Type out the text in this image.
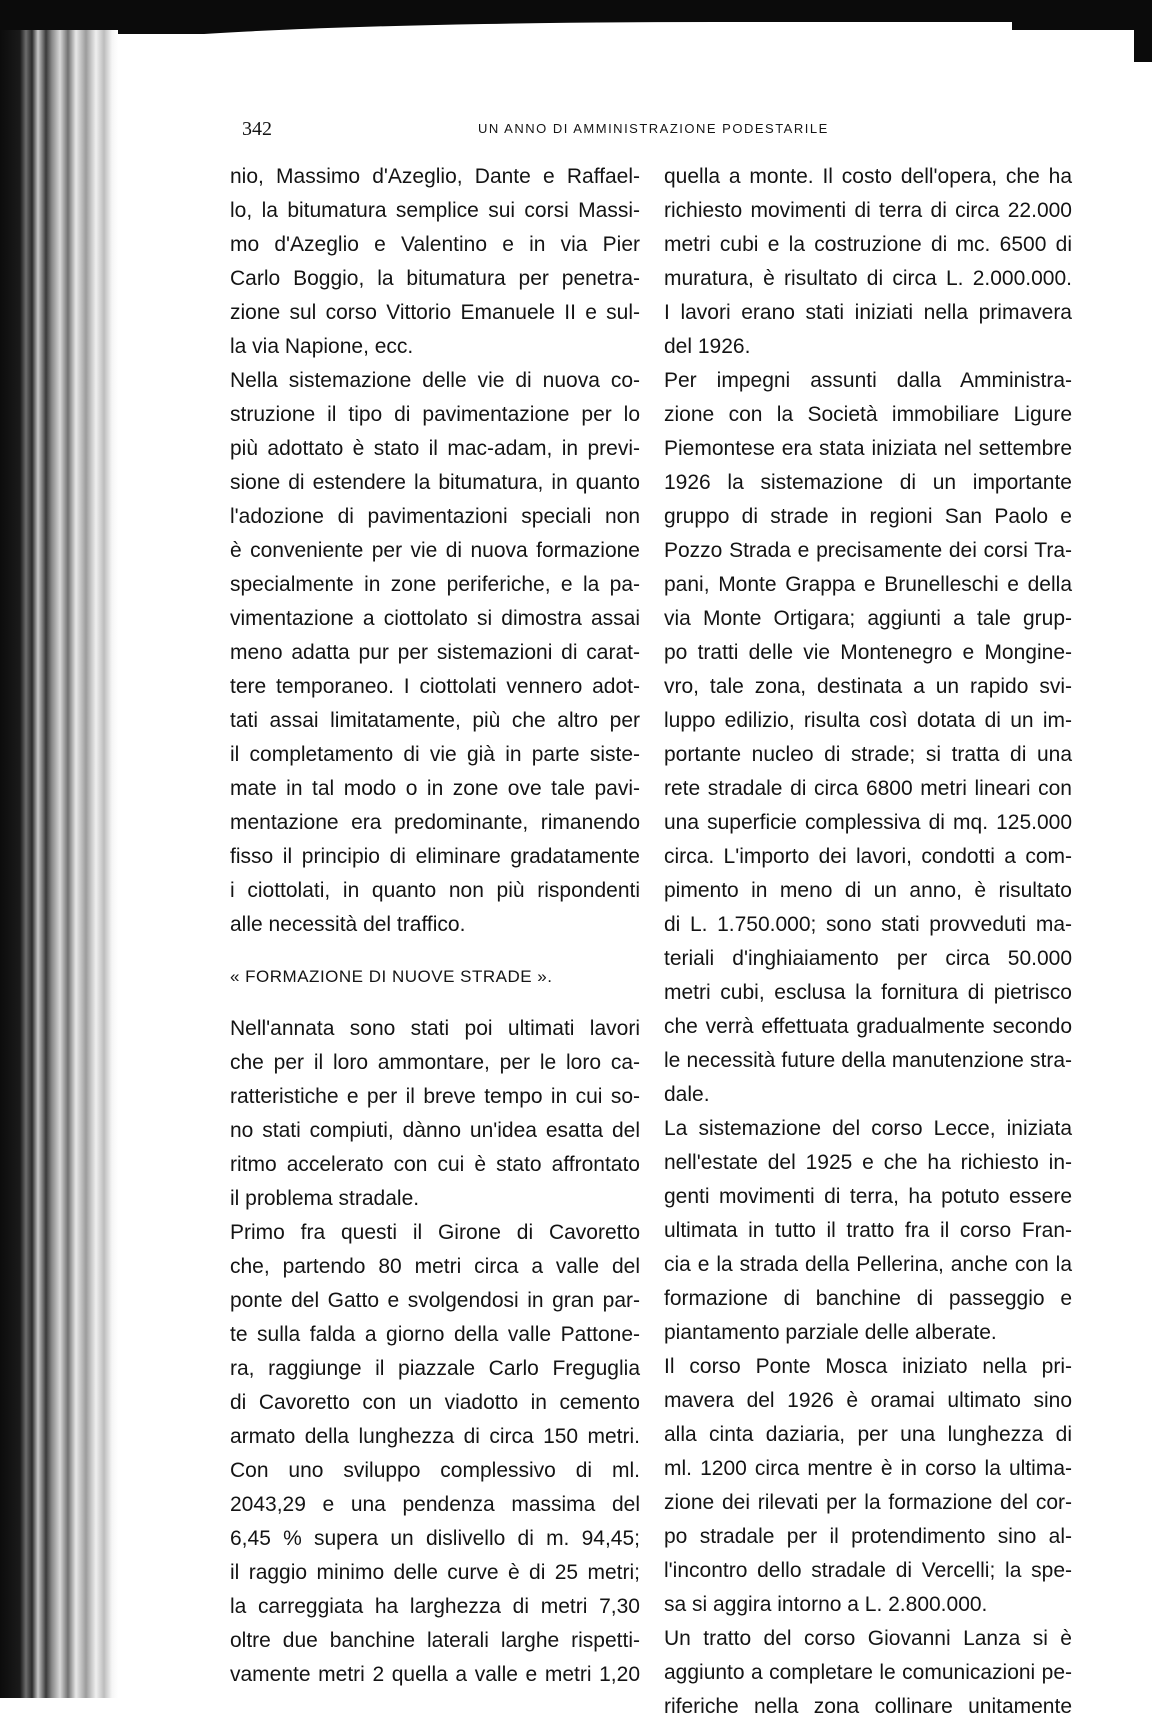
342	UN ANNO DI AMMINISTRAZIONE PODESTARILE
nio, Massimo d'Azeglio, Dante e Raffael-
lo, la bitumatura semplice sui corsi Massi-
mo d'Azeglio e Valentino e in via Pier
Carlo Boggio, la bitumatura per penetra-
zione sul corso Vittorio Emanuele II e sul-
la via Napione, ecc.
Nella sistemazione delle vie di nuova co-
struzione il tipo di pavimentazione per lo
più adottato è stato il mac-adam, in previ-
sione di estendere la bitumatura, in quanto
l'adozione di pavimentazioni speciali non
è conveniente per vie di nuova formazione
specialmente in zone periferiche, e la pa-
vimentazione a ciottolato si dimostra assai
meno adatta pur per sistemazioni di carat-
tere temporaneo. I ciottolati vennero adot-
tati assai limitatamente, più che altro per
il completamento di vie già in parte siste-
mate in tal modo o in zone ove tale pavi-
mentazione era predominante, rimanendo
fisso il principio di eliminare gradatamente
i ciottolati, in quanto non più rispondenti
alle necessità del traffico.
« FORMAZIONE DI NUOVE STRADE ».
Nell'annata sono stati poi ultimati lavori
che per il loro ammontare, per le loro ca-
ratteristiche e per il breve tempo in cui so-
no stati compiuti, dànno un'idea esatta del
ritmo accelerato con cui è stato affrontato
il problema stradale.
Primo fra questi il Girone di Cavoretto
che, partendo 80 metri circa a valle del
ponte del Gatto e svolgendosi in gran par-
te sulla falda a giorno della valle Pattone-
ra, raggiunge il piazzale Carlo Freguglia
di Cavoretto con un viadotto in cemento
armato della lunghezza di circa 150 metri.
Con uno sviluppo complessivo di ml.
2043,29 e una pendenza massima del
6,45 % supera un dislivello di m. 94,45;
il raggio minimo delle curve è di 25 metri;
la carreggiata ha larghezza di metri 7,30
oltre due banchine laterali larghe rispetti-
vamente metri 2 quella a valle e metri 1,20
quella a monte. Il costo dell'opera, che ha
richiesto movimenti di terra di circa 22.000
metri cubi e la costruzione di mc. 6500 di
muratura, è risultato di circa L. 2.000.000.
I lavori erano stati iniziati nella primavera
del 1926.
Per impegni assunti dalla Amministra-
zione con la Società immobiliare Ligure
Piemontese era stata iniziata nel settembre
1926 la sistemazione di un importante
gruppo di strade in regioni San Paolo e
Pozzo Strada e precisamente dei corsi Tra-
pani, Monte Grappa e Brunelleschi e della
via Monte Ortigara; aggiunti a tale grup-
po tratti delle vie Montenegro e Mongine-
vro, tale zona, destinata a un rapido svi-
luppo edilizio, risulta così dotata di un im-
portante nucleo di strade; si tratta di una
rete stradale di circa 6800 metri lineari con
una superficie complessiva di mq. 125.000
circa. L'importo dei lavori, condotti a com-
pimento in meno di un anno, è risultato
di L. 1.750.000; sono stati provveduti ma-
teriali d'inghiaiamento per circa 50.000
metri cubi, esclusa la fornitura di pietrisco
che verrà effettuata gradualmente secondo
le necessità future della manutenzione stra-
dale.
La sistemazione del corso Lecce, iniziata
nell'estate del 1925 e che ha richiesto in-
genti movimenti di terra, ha potuto essere
ultimata in tutto il tratto fra il corso Fran-
cia e la strada della Pellerina, anche con la
formazione di banchine di passeggio e
piantamento parziale delle alberate.
Il corso Ponte Mosca iniziato nella pri-
mavera del 1926 è oramai ultimato sino
alla cinta daziaria, per una lunghezza di
ml. 1200 circa mentre è in corso la ultima-
zione dei rilevati per la formazione del cor-
po stradale per il protendimento sino al-
l'incontro dello stradale di Vercelli; la spe-
sa si aggira intorno a L. 2.800.000.
Un tratto del corso Giovanni Lanza si è
aggiunto a completare le comunicazioni pe-
riferiche nella zona collinare unitamente
